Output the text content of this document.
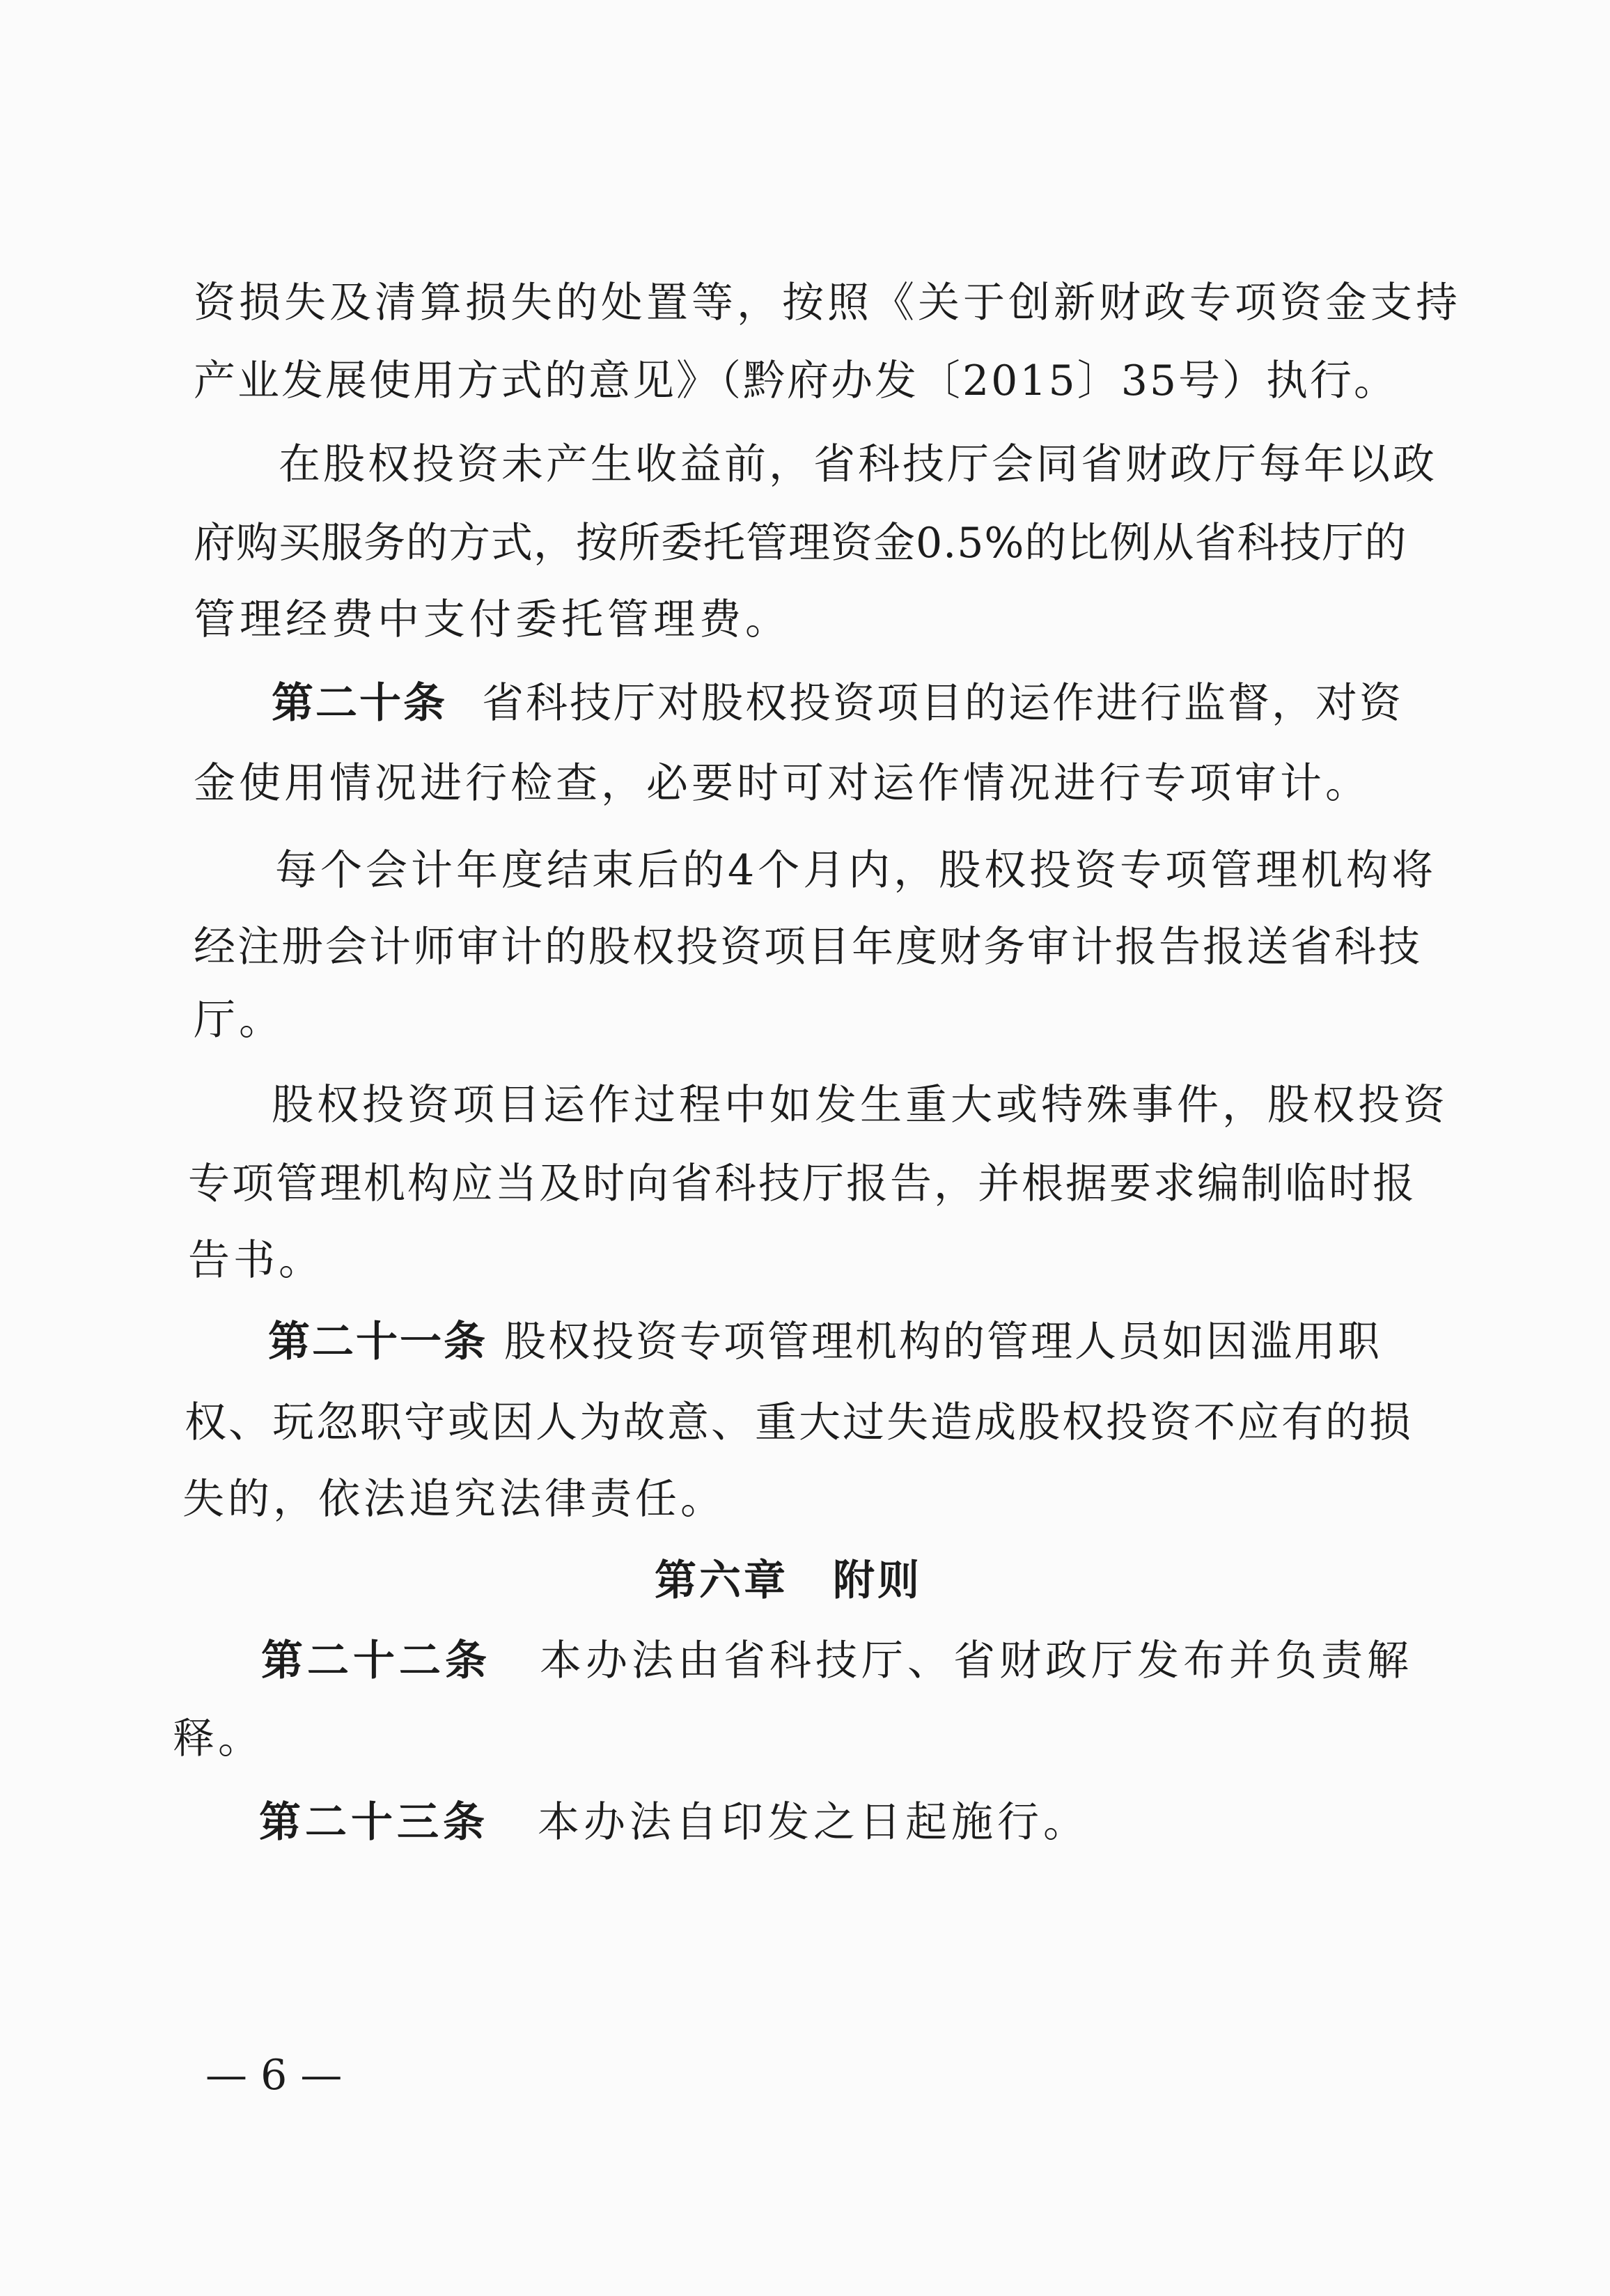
资损失及清算损失的处置等，按照《关于创新财政专项资金支持
产业发展使用方式的意见》（黔府办发〔2015〕35号）执行。
在股权投资未产生收益前，省科技厅会同省财政厅每年以政
府购买服务的方式，按所委托管理资金0.5%的比例从省科技厅的
管理经费中支付委托管理费。
第二十条 省科技厅对股权投资项目的运作进行监督，对资
金使用情况进行检查，必要时可对运作情况进行专项审计。
每个会计年度结束后的4个月内，股权投资专项管理机构将
经注册会计师审计的股权投资项目年度财务审计报告报送省科技
厅。
股权投资项目运作过程中如发生重大或特殊事件，股权投资
专项管理机构应当及时向省科技厅报告，并根据要求编制临时报
告书。
第二十一条 股权投资专项管理机构的管理人员如因滥用职
权、玩忽职守或因人为故意、重大过失造成股权投资不应有的损
失的，依法追究法律责任。
第六章　附则
第二十二条 本办法由省科技厅、省财政厅发布并负责解
释。
第二十三条 本办法自印发之日起施行。
— 6 —
